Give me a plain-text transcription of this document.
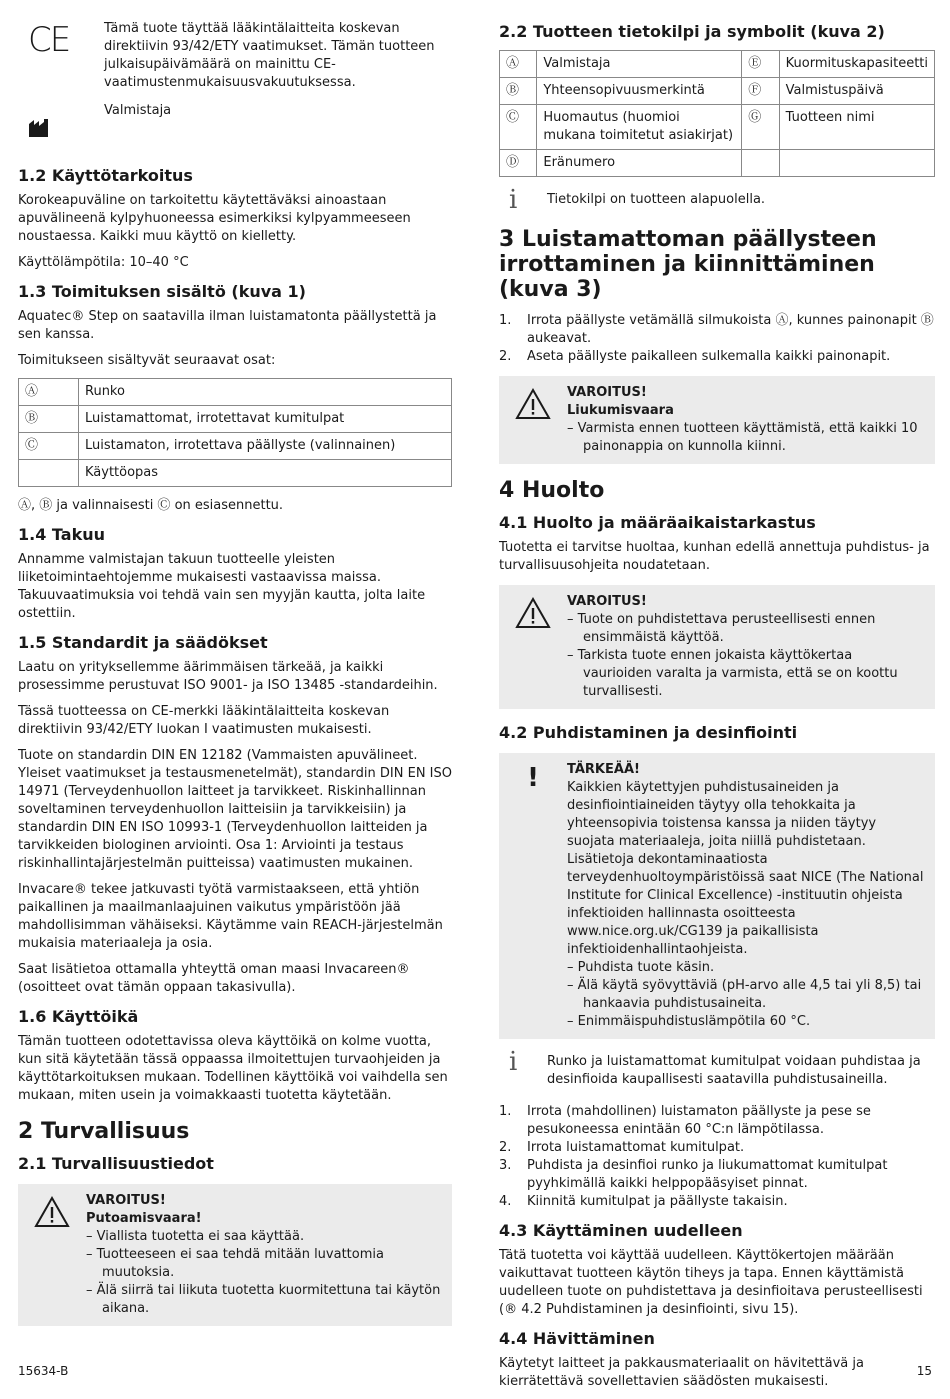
CE	Tämä tuote täyttää lääkintälaitteita koskevan direktiivin 93/42/ETY vaatimukset. Tämän tuotteen julkaisupäivämäärä on mainittu CE-vaatimustenmukaisuusvakuutuksessa.
Valmistaja
1.2 Käyttötarkoitus

Korokeapuväline on tarkoitettu käytettäväksi ainoastaan apuvälineenä kylpyhuoneessa esimerkiksi kylpyammeeseen noustaessa. Kaikki muu käyttö on kielletty.

Käyttölämpötila: 10–40 °C

1.3 Toimituksen sisältö (kuva 1)

Aquatec® Step on saatavilla ilman luistamatonta päällystettä ja sen kanssa.

Toimitukseen sisältyvät seuraavat osat:

Ⓐ	Runko
Ⓑ	Luistamattomat, irrotettavat kumitulpat
Ⓒ	Luistamaton, irrotettava päällyste (valinnainen)
	Käyttöopas

Ⓐ, Ⓑ ja valinnaisesti Ⓒ on esiasennettu.

1.4 Takuu

Annamme valmistajan takuun tuotteelle yleisten liiketoimintaehtojemme mukaisesti vastaavissa maissa. Takuuvaatimuksia voi tehdä vain sen myyjän kautta, jolta laite ostettiin.

1.5 Standardit ja säädökset

Laatu on yrityksellemme äärimmäisen tärkeää, ja kaikki prosessimme perustuvat ISO 9001- ja ISO 13485 -standardeihin.

Tässä tuotteessa on CE-merkki lääkintälaitteita koskevan direktiivin 93/42/ETY luokan I vaatimusten mukaisesti.

Tuote on standardin DIN EN 12182 (Vammaisten apuvälineet. Yleiset vaatimukset ja testausmenetelmät), standardin DIN EN ISO 14971 (Terveydenhuollon laitteet ja tarvikkeet. Riskinhallinnan soveltaminen terveydenhuollon laitteisiin ja tarvikkeisiin) ja standardin DIN EN ISO 10993-1 (Terveydenhuollon laitteiden ja tarvikkeiden biologinen arviointi. Osa 1: Arviointi ja testaus riskinhallintajärjestelmän puitteissa) vaatimusten mukainen.

Invacare® tekee jatkuvasti työtä varmistaakseen, että yhtiön paikallinen ja maailmanlaajuinen vaikutus ympäristöön jää mahdollisimman vähäiseksi. Käytämme vain REACH-järjestelmän mukaisia materiaaleja ja osia.

Saat lisätietoa ottamalla yhteyttä oman maasi Invacareen® (osoitteet ovat tämän oppaan takasivulla).

1.6 Käyttöikä

Tämän tuotteen odotettavissa oleva käyttöikä on kolme vuotta, kun sitä käytetään tässä oppaassa ilmoitettujen turvaohjeiden ja käyttötarkoituksen mukaan. Todellinen käyttöikä voi vaihdella sen mukaan, miten usein ja voimakkaasti tuotetta käytetään.

2 Turvallisuus
2.1 Turvallisuustiedot
VAROITUS!
Putoamisvaara!
– Viallista tuotetta ei saa käyttää.
– Tuotteeseen ei saa tehdä mitään luvattomia muutoksia.
– Älä siirrä tai liikuta tuotetta kuormitettuna tai käytön aikana.
2.2 Tuotteen tietokilpi ja symbolit (kuva 2)
Ⓐ	Valmistaja	Ⓔ	Kuormituskapasiteetti
Ⓑ	Yhteensopivuusmerkintä	Ⓕ	Valmistuspäivä
Ⓒ	Huomautus (huomioi mukana toimitetut asiakirjat)	Ⓖ	Tuotteen nimi
Ⓓ	Eränumero		
i	Tietokilpi on tuotteen alapuolella.
3 Luistamattoman päällysteen irrottaminen ja kiinnittäminen (kuva 3)
1. Irrota päällyste vetämällä silmukoista Ⓐ, kunnes painonapit Ⓑ aukeavat.
2. Aseta päällyste paikalleen sulkemalla kaikki painonapit.
VAROITUS!
Liukumisvaara
– Varmista ennen tuotteen käyttämistä, että kaikki 10 painonappia on kunnolla kiinni.
4 Huolto
4.1 Huolto ja määräaikaistarkastus

Tuotetta ei tarvitse huoltaa, kunhan edellä annettuja puhdistus- ja turvallisuusohjeita noudatetaan.

VAROITUS!
– Tuote on puhdistettava perusteellisesti ennen ensimmäistä käyttöä.
– Tarkista tuote ennen jokaista käyttökertaa vaurioiden varalta ja varmista, että se on koottu turvallisesti.
4.2 Puhdistaminen ja desinfiointi
!	TÄRKEÄÄ!
Kaikkien käytettyjen puhdistusaineiden ja desinfiointiaineiden täytyy olla tehokkaita ja yhteensopivia toistensa kanssa ja niiden täytyy suojata materiaaleja, joita niillä puhdistetaan. Lisätietoja dekontaminaatiosta terveydenhuoltoympäristöissä saat NICE (The National Institute for Clinical Excellence) -instituutin ohjeista infektioiden hallinnasta osoitteesta www.nice.org.uk/CG139 ja paikallisista infektioidenhallintaohjeista.
– Puhdista tuote käsin.
– Älä käytä syövyttäviä (pH-arvo alle 4,5 tai yli 8,5) tai hankaavia puhdistusaineita.
– Enimmäispuhdistuslämpötila 60 °C.
i	Runko ja luistamattomat kumitulpat voidaan puhdistaa ja desinfioida kaupallisesti saatavilla puhdistusaineilla.
1. Irrota (mahdollinen) luistamaton päällyste ja pese se pesukoneessa enintään 60 °C:n lämpötilassa.
2. Irrota luistamattomat kumitulpat.
3. Puhdista ja desinfioi runko ja liukumattomat kumitulpat pyyhkimällä kaikki helppopääsyiset pinnat.
4. Kiinnitä kumitulpat ja päällyste takaisin.
4.3 Käyttäminen uudelleen

Tätä tuotetta voi käyttää uudelleen. Käyttökertojen määrään vaikuttavat tuotteen käytön tiheys ja tapa. Ennen käyttämistä uudelleen tuote on puhdistettava ja desinfioitava perusteellisesti (® 4.2 Puhdistaminen ja desinfiointi, sivu 15).

4.4 Hävittäminen

Käytetyt laitteet ja pakkausmateriaalit on hävitettävä ja kierrätettävä sovellettavien säädösten mukaisesti.

15634-B	15
